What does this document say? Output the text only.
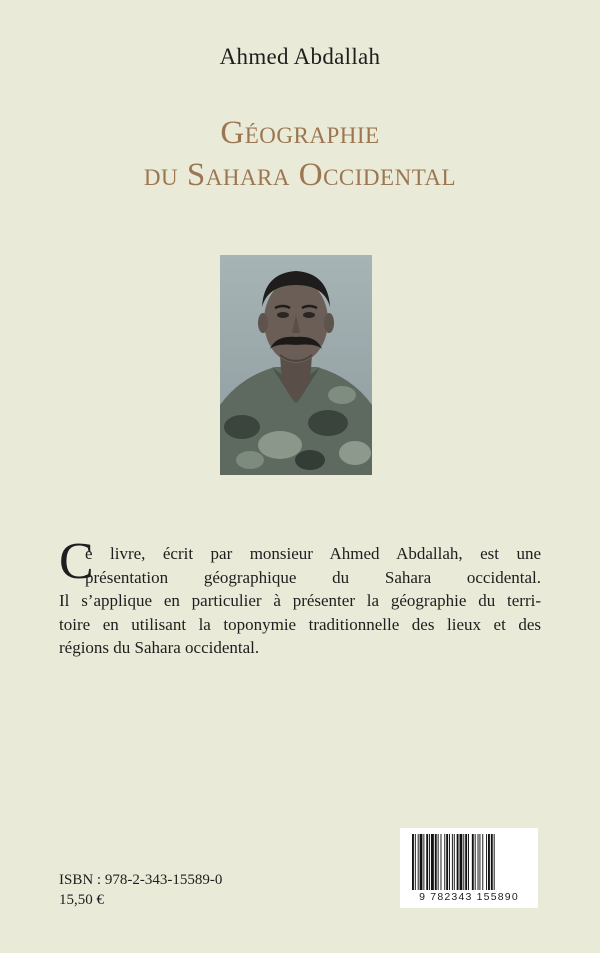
Ahmed Abdallah
Géographie
du Sahara Occidental
C
e livre, écrit par monsieur Ahmed Abdallah, est une
présentation géographique du Sahara occidental.
Il s’applique en particulier à présenter la géographie du terri-
toire en utilisant la toponymie traditionnelle des lieux et des
régions du Sahara occidental.
ISBN : 978-2-343-15589-0
15,50 €	9 782343 155890
